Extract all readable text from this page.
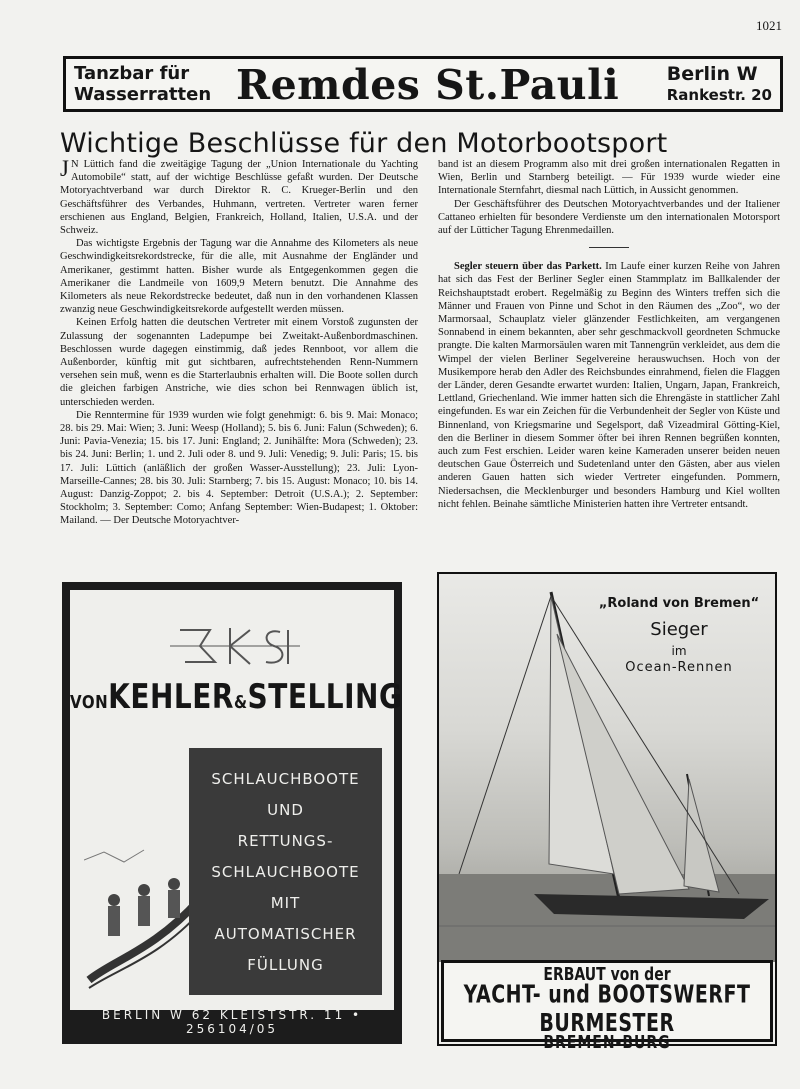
1021
Tanzbar für
Wasserratten Remdes St.Pauli	Berlin W
Rankestr. 20
Wichtige Beschlüsse für den Motorbootsport

J N Lüttich fand die zweitägige Tagung der „Union Internationale du Yachting Automobile“ statt, auf der wichtige Beschlüsse gefaßt wurden. Der Deutsche Motoryachtverband war durch Direktor R. C. Krueger-Berlin und den Geschäftsführer des Verbandes, Huhmann, vertreten. Vertreter waren ferner erschienen aus England, Belgien, Frankreich, Holland, Italien, U.S.A. und der Schweiz.

Das wichtigste Ergebnis der Tagung war die Annahme des Kilometers als neue Geschwindigkeitsrekordstrecke, für die alle, mit Ausnahme der Engländer und Amerikaner, gestimmt hatten. Bisher wurde als Entgegenkommen gegen die Amerikaner die Landmeile von 1609,9 Metern benutzt. Die Annahme des Kilometers als neue Rekordstrecke bedeutet, daß nun in den vorhandenen Klassen zwanzig neue Geschwindigkeitsrekorde aufgestellt werden müssen.

Keinen Erfolg hatten die deutschen Vertreter mit einem Vorstoß zugunsten der Zulassung der sogenannten Ladepumpe bei Zweitakt-Außenbordmaschinen. Beschlossen wurde dagegen einstimmig, daß jedes Rennboot, vor allem die Außenborder, künftig mit gut sichtbaren, aufrechtstehenden Renn-Nummern versehen sein muß, wenn es die Starterlaubnis erhalten will. Die Boote sollen durch die gleichen farbigen Anstriche, wie dies schon bei Rennwagen üblich ist, unterschieden werden.

Die Renntermine für 1939 wurden wie folgt genehmigt: 6. bis 9. Mai: Monaco; 28. bis 29. Mai: Wien; 3. Juni: Weesp (Holland); 5. bis 6. Juni: Falun (Schweden); 6. Juni: Pavia-Venezia; 15. bis 17. Juni: England; 2. Junihälfte: Mora (Schweden); 23. bis 24. Juni: Berlin; 1. und 2. Juli oder 8. und 9. Juli: Venedig; 9. Juli: Paris; 15. bis 17. Juli: Lüttich (anläßlich der großen Wasser-Ausstellung); 23. Juli: Lyon-Marseille-Cannes; 28. bis 30. Juli: Starnberg; 7. bis 15. August: Monaco; 10. bis 14. August: Danzig-Zoppot; 2. bis 4. September: Detroit (U.S.A.); 2. September: Stockholm; 3. September: Como; Anfang September: Wien-Budapest; 1. Oktober: Mailand. — Der Deutsche Motoryachtver-

band ist an diesem Programm also mit drei großen internationalen Regatten in Wien, Berlin und Starnberg beteiligt. — Für 1939 wurde wieder eine Internationale Sternfahrt, diesmal nach Lüttich, in Aussicht genommen.

Der Geschäftsführer des Deutschen Motoryachtverbandes und der Italiener Cattaneo erhielten für besondere Verdienste um den internationalen Motorsport auf der Lütticher Tagung Ehrenmedaillen.

Segler steuern über das Parkett. Im Laufe einer kurzen Reihe von Jahren hat sich das Fest der Berliner Segler einen Stammplatz im Ballkalender der Reichshauptstadt erobert. Regelmäßig zu Beginn des Winters treffen sich die Männer und Frauen von Pinne und Schot in den Räumen des „Zoo“, wo der Marmorsaal, Schauplatz vieler glänzender Festlichkeiten, am vergangenen Sonnabend in einem bekannten, aber sehr geschmackvoll geordneten Schmucke prangte. Die kalten Marmorsäulen waren mit Tannengrün verkleidet, aus dem die Wimpel der vielen Berliner Segelvereine herauswuchsen. Hoch von der Musikempore herab den Adler des Reichsbundes einrahmend, fielen die Flaggen der Länder, deren Gesandte erwartet wurden: Italien, Ungarn, Japan, Frankreich, Lettland, Griechenland. Wie immer hatten sich die Ehrengäste in stattlicher Zahl eingefunden. Es war ein Zeichen für die Verbundenheit der Segler von Küste und Binnenland, von Kriegsmarine und Segelsport, daß Vizeadmiral Götting-Kiel, den die Berliner in diesem Sommer öfter bei ihren Rennen begrüßen konnten, auch zum Fest erschien. Leider waren keine Kameraden unserer beiden neuen deutschen Gaue Österreich und Sudetenland unter den Gästen, aber aus vielen anderen Gauen hatten sich wieder Vertreter eingefunden. Pommern, Niedersachsen, die Mecklenburger und besonders Hamburg und Kiel wollten nicht fehlen. Beinahe sämtliche Ministerien hatten ihre Vertreter entsandt.

VONKEHLER&STELLING
SCHLAUCHBOOTE
UND
RETTUNGS-
SCHLAUCHBOOTE
MIT
AUTOMATISCHER
FÜLLUNG
BERLIN W 62 KLEISTSTR. 11 • 256104/05
„Roland von Bremen“
Sieger
im
Ocean-Rennen
ERBAUT von der
YACHT- und BOOTSWERFT BURMESTER
BREMEN-BURG
